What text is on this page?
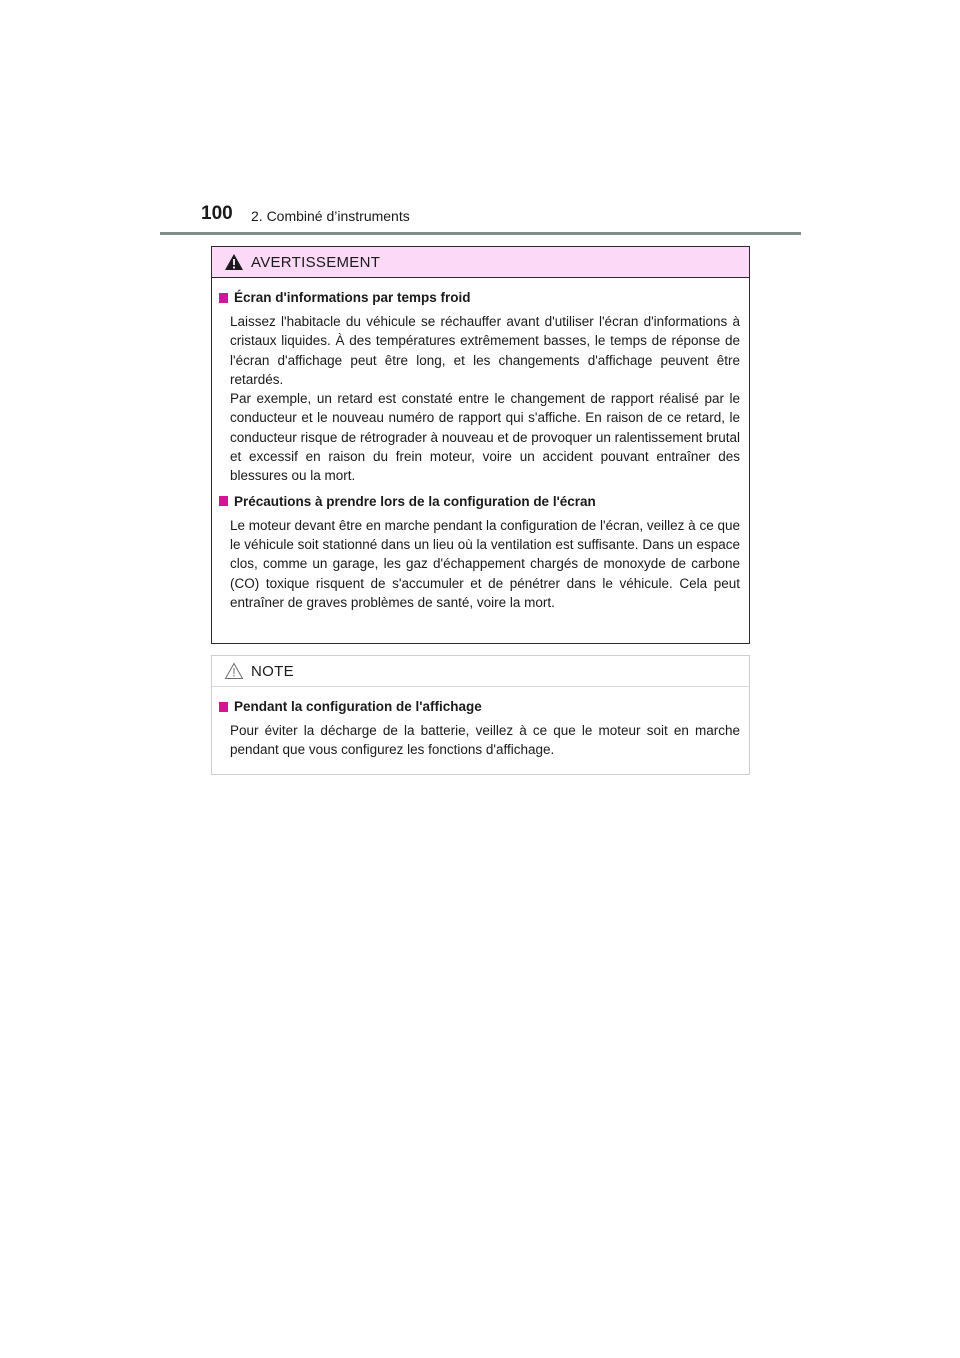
100 2. Combiné d’instruments
AVERTISSEMENT
Écran d'informations par temps froid
Laissez l'habitacle du véhicule se réchauffer avant d'utiliser l'écran d'informations à cristaux liquides. À des températures extrêmement basses, le temps de réponse de l'écran d'affichage peut être long, et les changements d'affichage peuvent être retardés.
Par exemple, un retard est constaté entre le changement de rapport réalisé par le conducteur et le nouveau numéro de rapport qui s'affiche. En raison de ce retard, le conducteur risque de rétrograder à nouveau et de provoquer un ralentissement brutal et excessif en raison du frein moteur, voire un accident pouvant entraîner des blessures ou la mort.
Précautions à prendre lors de la configuration de l'écran
Le moteur devant être en marche pendant la configuration de l'écran, veillez à ce que le véhicule soit stationné dans un lieu où la ventilation est suffisante. Dans un espace clos, comme un garage, les gaz d'échappement chargés de monoxyde de carbone (CO) toxique risquent de s'accumuler et de pénétrer dans le véhicule. Cela peut entraîner de graves problèmes de santé, voire la mort.
NOTE
Pendant la configuration de l'affichage
Pour éviter la décharge de la batterie, veillez à ce que le moteur soit en marche pendant que vous configurez les fonctions d'affichage.
